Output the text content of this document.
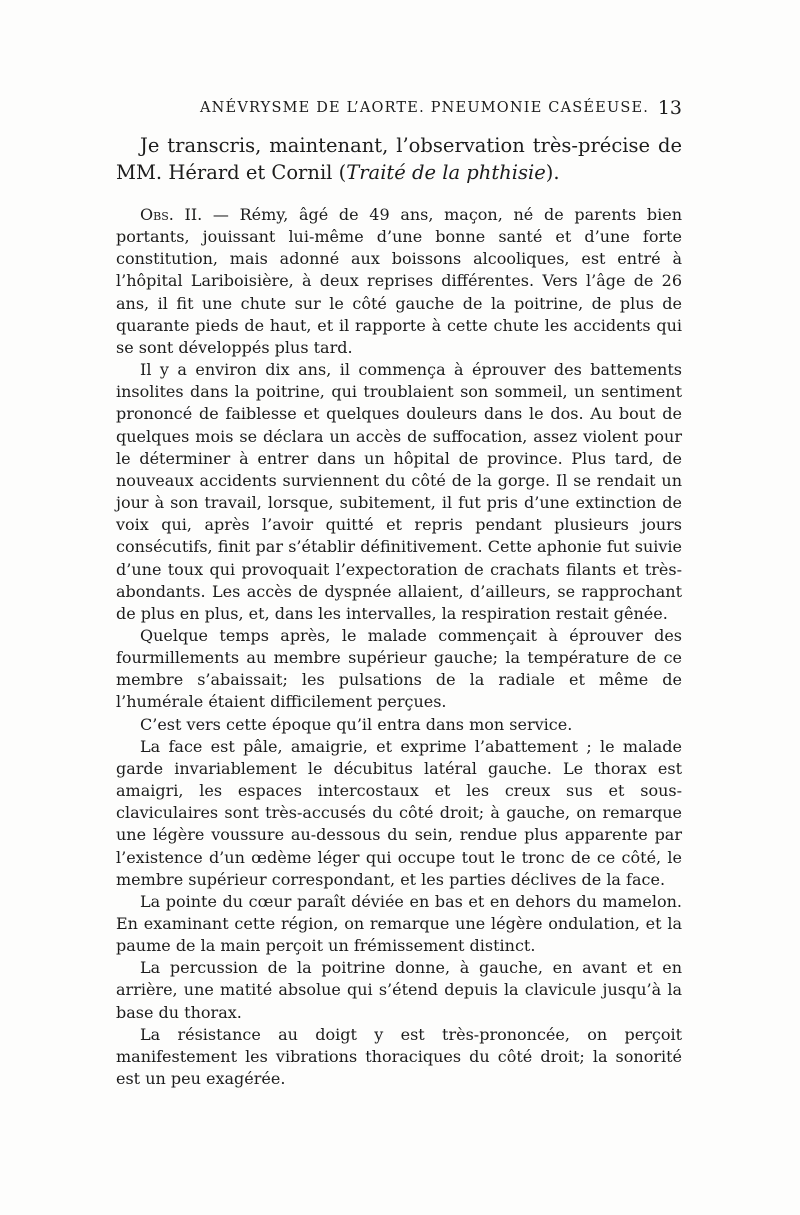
ANÉVRYSME DE L’AORTE. PNEUMONIE CASÉEUSE. 13

Je transcris, maintenant, l’observation très-précise de MM. Hérard et Cornil (Traité de la phthisie).

Obs. II. — Rémy, âgé de 49 ans, maçon, né de parents bien portants, jouissant lui-même d’une bonne santé et d’une forte constitution, mais adonné aux boissons alcooliques, est entré à l’hôpital Lariboisière, à deux reprises différentes. Vers l’âge de 26 ans, il fit une chute sur le côté gauche de la poitrine, de plus de quarante pieds de haut, et il rapporte à cette chute les accidents qui se sont développés plus tard.

Il y a environ dix ans, il commença à éprouver des battements insolites dans la poitrine, qui troublaient son sommeil, un sentiment prononcé de faiblesse et quelques douleurs dans le dos. Au bout de quelques mois se déclara un accès de suffocation, assez violent pour le déterminer à entrer dans un hôpital de province. Plus tard, de nouveaux accidents surviennent du côté de la gorge. Il se rendait un jour à son travail, lorsque, subitement, il fut pris d’une extinction de voix qui, après l’avoir quitté et repris pendant plusieurs jours consécutifs, finit par s’établir définitivement. Cette aphonie fut suivie d’une toux qui provoquait l’expectoration de crachats filants et très-abondants. Les accès de dyspnée allaient, d’ailleurs, se rapprochant de plus en plus, et, dans les intervalles, la respiration restait gênée.

Quelque temps après, le malade commençait à éprouver des fourmillements au membre supérieur gauche; la température de ce membre s’abaissait; les pulsations de la radiale et même de l’humérale étaient difficilement perçues.

C’est vers cette époque qu’il entra dans mon service.

La face est pâle, amaigrie, et exprime l’abattement ; le malade garde invariablement le décubitus latéral gauche. Le thorax est amaigri, les espaces intercostaux et les creux sus et sous-claviculaires sont très-accusés du côté droit; à gauche, on remarque une légère voussure au-dessous du sein, rendue plus apparente par l’existence d’un œdème léger qui occupe tout le tronc de ce côté, le membre supérieur correspondant, et les parties déclives de la face.

La pointe du cœur paraît déviée en bas et en dehors du mamelon. En examinant cette région, on remarque une légère ondulation, et la paume de la main perçoit un frémissement distinct.

La percussion de la poitrine donne, à gauche, en avant et en arrière, une matité absolue qui s’étend depuis la clavicule jusqu’à la base du thorax.

La résistance au doigt y est très-prononcée, on perçoit manifestement les vibrations thoraciques du côté droit; la sonorité est un peu exagérée.
